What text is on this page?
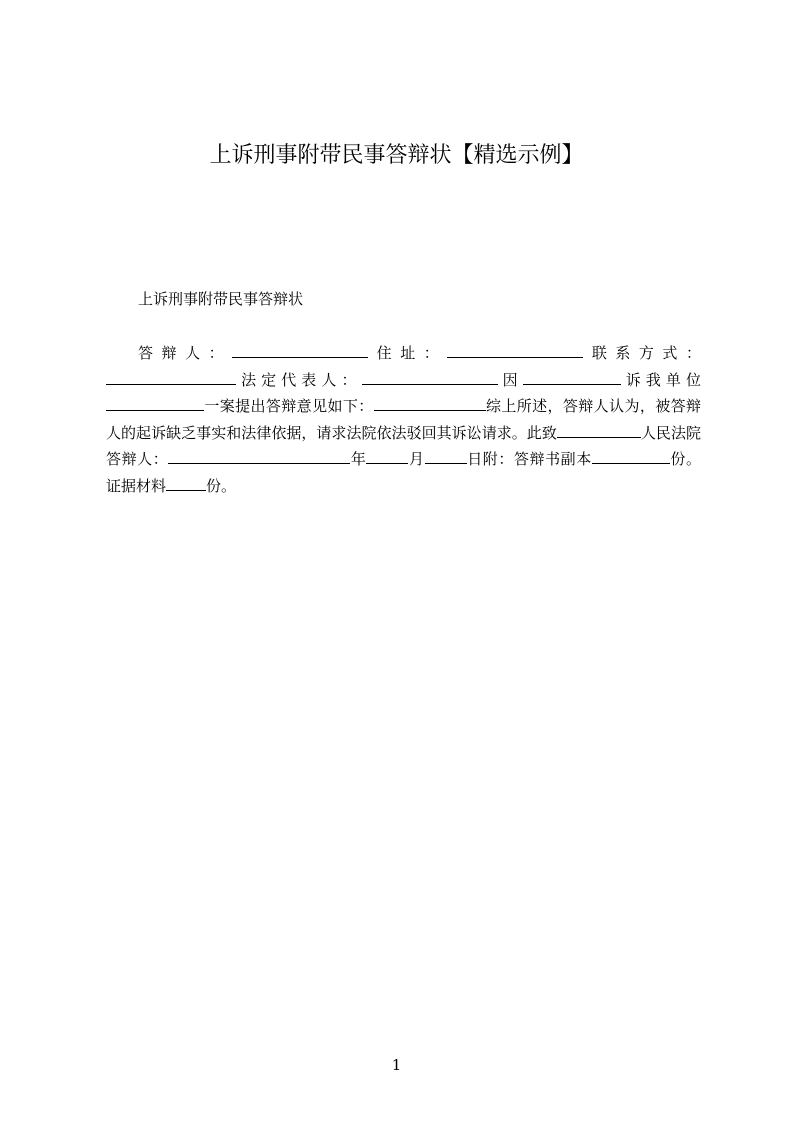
上诉刑事附带民事答辩状【精选示例】

上诉刑事附带民事答辩状

答辩人：	住址：	联系方式：法定代表人：	因	诉我单位一案提出答辩意见如下：	综上所述，答辩人认为，被答辩人的起诉缺乏事实和法律依据，请求法院依法驳回其诉讼请求。此致	人民法院答辩人：	年	月	日附：答辩书副本	份。证据材料	份。

1
